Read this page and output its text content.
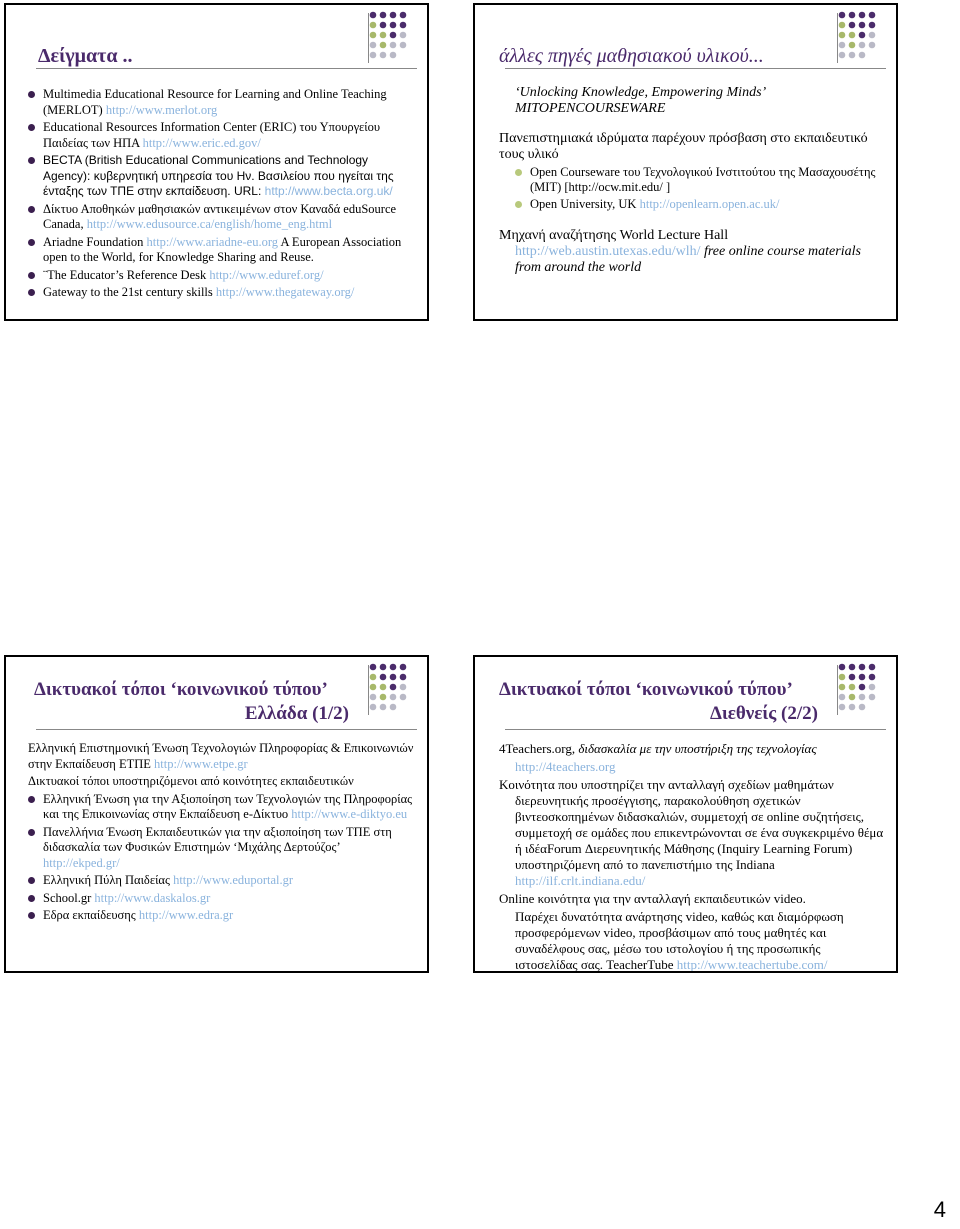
Δείγματα ..
Multimedia Educational Resource for Learning and Online Teaching (MERLOT) http://www.merlot.org
Educational Resources Information Center (ERIC) του Υπουργείου Παιδείας των ΗΠΑ http://www.eric.ed.gov/
BECTA (British Educational Communications and Technology Agency): κυβερνητική υπηρεσία του Ην. Βασιλείου που ηγείται της ένταξης των ΤΠΕ στην εκπαίδευση. URL: http://www.becta.org.uk/
Δίκτυο Αποθηκών μαθησιακών αντικειμένων στον Καναδά eduSource Canada, http://www.edusource.ca/english/home_eng.html
Ariadne Foundation http://www.ariadne-eu.org A European Association open to the World, for Knowledge Sharing and Reuse.
¨The Educator’s Reference Desk http://www.eduref.org/
Gateway to the 21st century skills http://www.thegateway.org/
άλλες πηγές μαθησιακού υλικού...
‘Unlocking Knowledge, Empowering Minds’
MITOPENCOURSEWARE
Πανεπιστημιακά ιδρύματα παρέχουν πρόσβαση στο εκπαιδευτικό τους υλικό
Open Courseware του Τεχνολογικού Ινστιτούτου της Μασαχουσέτης (MIT) [http://ocw.mit.edu/ ]
Open University, UK http://openlearn.open.ac.uk/
Μηχανή αναζήτησης World Lecture Hall
http://web.austin.utexas.edu/wlh/ free online course materials from around the world
Δικτυακοί τόποι ‘κοινωνικού τύπου’
Ελλάδα (1/2)
Ελληνική Επιστημονική Ένωση Τεχνολογιών Πληροφορίας & Επικοινωνιών στην Εκπαίδευση ΕΤΠΕ http://www.etpe.gr
Δικτυακοί τόποι υποστηριζόμενοι από κοινότητες εκπαιδευτικών
Ελληνική Ένωση για την Αξιοποίηση των Τεχνολογιών της Πληροφορίας και της Επικοινωνίας στην Εκπαίδευση e-Δίκτυο http://www.e-diktyo.eu
Πανελλήνια Ένωση Εκπαιδευτικών για την αξιοποίηση των ΤΠΕ στη διδασκαλία των Φυσικών Επιστημών ‘Μιχάλης Δερτούζος’ http://ekped.gr/
Ελληνική Πύλη Παιδείας http://www.eduportal.gr
School.gr http://www.daskalos.gr
Εδρα εκπαίδευσης http://www.edra.gr
Δικτυακοί τόποι ‘κοινωνικού τύπου’
Διεθνείς (2/2)
4Teachers.org, διδασκαλία με την υποστήριξη της τεχνολογίας
http://4teachers.org
Κοινότητα που υποστηρίζει την ανταλλαγή σχεδίων μαθημάτων διερευνητικής προσέγγισης, παρακολούθηση σχετικών βιντεοσκοπημένων διδασκαλιών, συμμετοχή σε online συζητήσεις, συμμετοχή σε ομάδες που επικεντρώνονται σε ένα συγκεκριμένο θέμα ή ιδέαForum Διερευνητικής Μάθησης (Inquiry Learning Forum) υποστηριζόμενη από το πανεπιστήμιο της Indiana http://ilf.crlt.indiana.edu/
Online κοινότητα για την ανταλλαγή εκπαιδευτικών video.
Παρέχει δυνατότητα ανάρτησης video, καθώς και διαμόρφωση προσφερόμενων video, προσβάσιμων από τους μαθητές και συναδέλφους σας, μέσω του ιστολογίου ή της προσωπικής ιστοσελίδας σας. TeacherTube http://www.teachertube.com/
4
